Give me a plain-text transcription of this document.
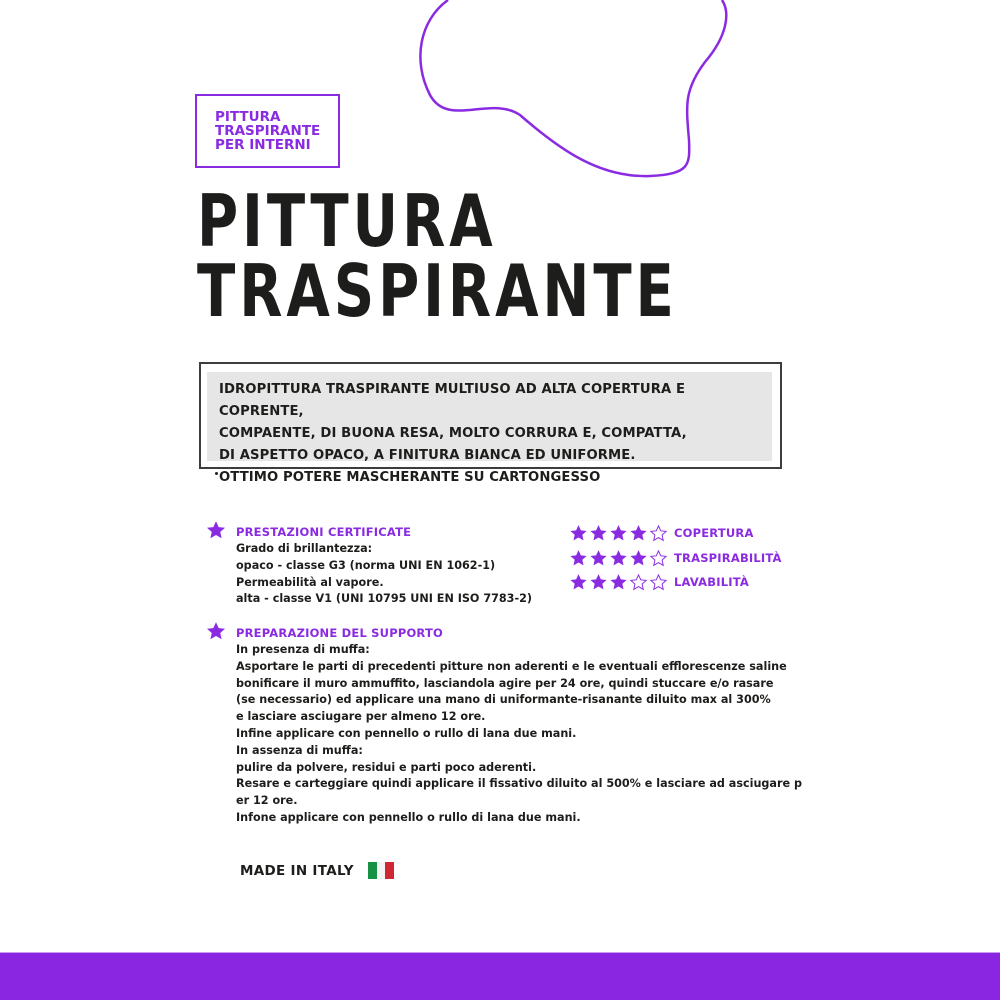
PITTURA
TRASPIRANTE
PER INTERNI
PITTURA
TRASPIRANTE
IDROPITTURA TRASPIRANTE MULTIUSO AD ALTA COPERTURA E COPRENTE,
COMPAENTE, DI BUONA RESA, MOLTO CORRURA E, COMPATTA,
DI ASPETTO OPACO, A FINITURA BIANCA ED UNIFORME.
OTTIMO POTERE MASCHERANTE SU CARTONGESSO
PRESTAZIONI CERTIFICATE
Grado di brillantezza:
opaco - classe G3 (norma UNI EN 1062-1)
Permeabilità al vapore.
alta - classe V1 (UNI 10795 UNI EN ISO 7783-2)
COPERTURA
TRASPIRABILITÀ
LAVABILITÀ
PREPARAZIONE DEL SUPPORTO
In presenza di muffa:
Asportare le parti di precedenti pitture non aderenti e le eventuali efflorescenze saline
bonificare il muro ammuffito, lasciandola agire per 24 ore, quindi stuccare e/o rasare
(se necessario) ed applicare una mano di uniformante-risanante diluito max al 300%
e lasciare asciugare per almeno 12 ore.
Infine applicare con pennello o rullo di lana due mani.
In assenza di muffa:
pulire da polvere, residui e parti poco aderenti.
Resare e carteggiare quindi applicare il fissativo diluito al 500% e lasciare ad asciugare p
er 12 ore.
Infone applicare con pennello o rullo di lana due mani.
MADE IN ITALY
